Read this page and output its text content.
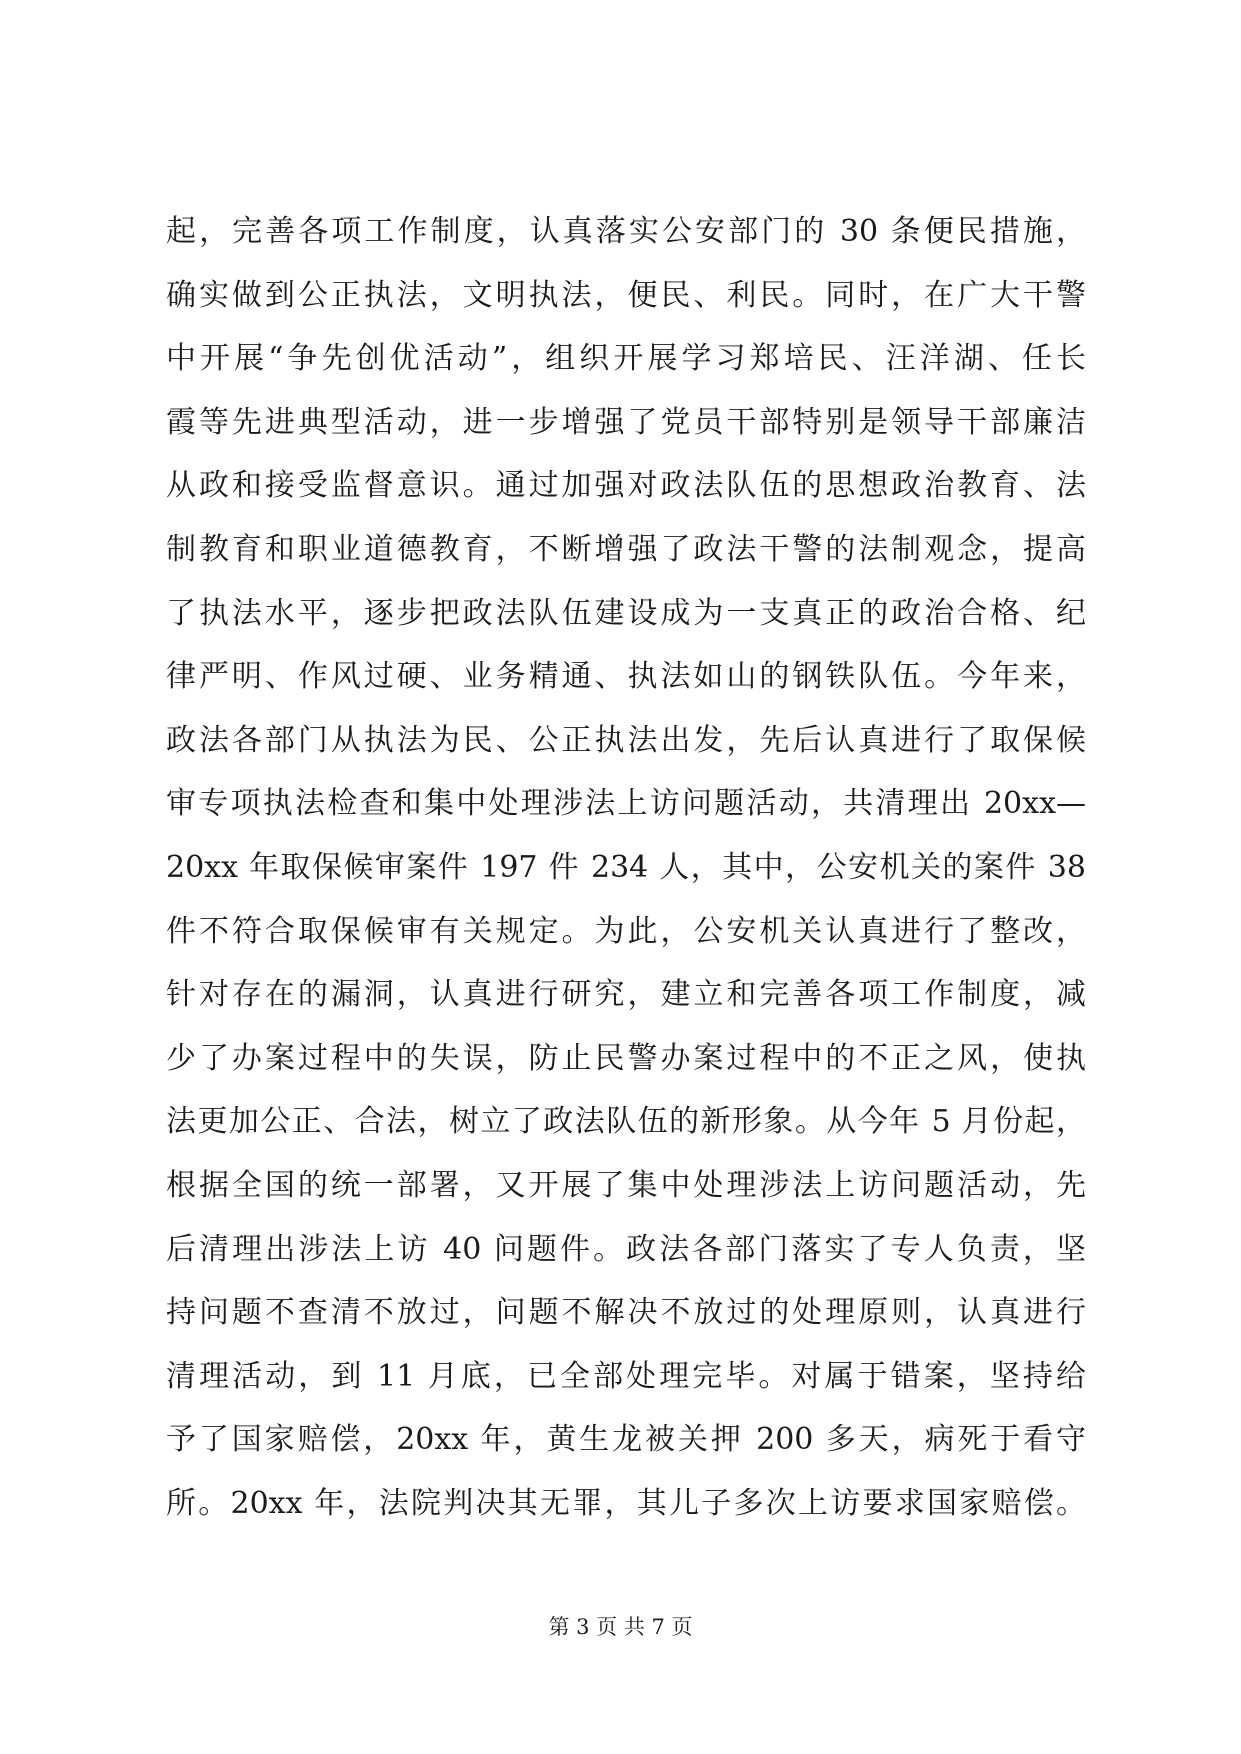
起，完善各项工作制度，认真落实公安部门的 30 条便民措施，
确实做到公正执法，文明执法，便民、利民。同时，在广大干警
中开展“争先创优活动”，组织开展学习郑培民、汪洋湖、任长
霞等先进典型活动，进一步增强了党员干部特别是领导干部廉洁
从政和接受监督意识。通过加强对政法队伍的思想政治教育、法
制教育和职业道德教育，不断增强了政法干警的法制观念，提高
了执法水平，逐步把政法队伍建设成为一支真正的政治合格、纪
律严明、作风过硬、业务精通、执法如山的钢铁队伍。今年来，
政法各部门从执法为民、公正执法出发，先后认真进行了取保候
审专项执法检查和集中处理涉法上访问题活动，共清理出 20xx—
20xx 年取保候审案件 197 件 234 人，其中，公安机关的案件 38
件不符合取保候审有关规定。为此，公安机关认真进行了整改，
针对存在的漏洞，认真进行研究，建立和完善各项工作制度，减
少了办案过程中的失误，防止民警办案过程中的不正之风，使执
法更加公正、合法，树立了政法队伍的新形象。从今年 5 月份起，
根据全国的统一部署，又开展了集中处理涉法上访问题活动，先
后清理出涉法上访 40 问题件。政法各部门落实了专人负责，坚
持问题不查清不放过，问题不解决不放过的处理原则，认真进行
清理活动，到 11 月底，已全部处理完毕。对属于错案，坚持给
予了国家赔偿，20xx 年，黄生龙被关押 200 多天，病死于看守
所。20xx 年，法院判决其无罪，其儿子多次上访要求国家赔偿。
第 3 页 共 7 页
